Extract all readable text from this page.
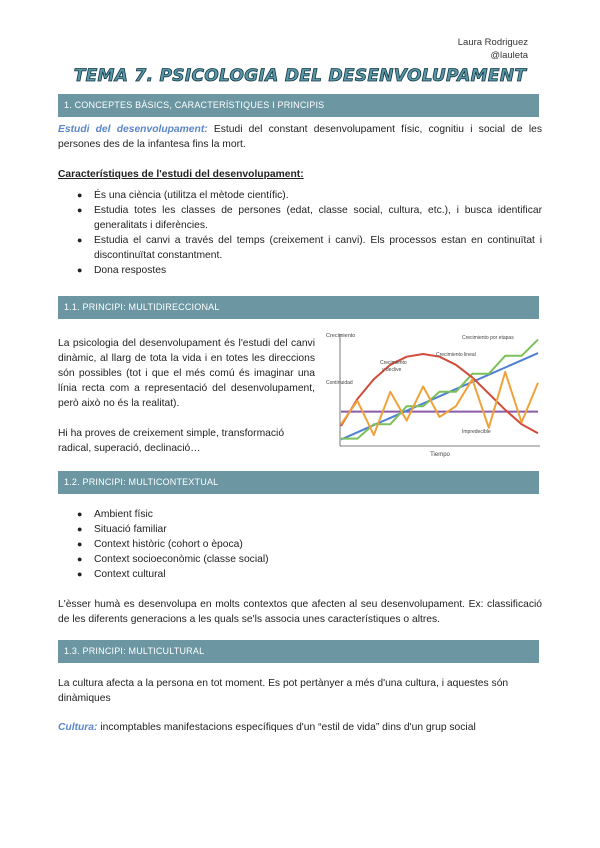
Laura Rodriguez
@lauleta
TEMA 7. PSICOLOGIA DEL DESENVOLUPAMENT
1. CONCEPTES BÀSICS, CARACTERÍSTIQUES I PRINCIPIS
Estudi del desenvolupament: Estudi del constant desenvolupament físic, cognitiu i social de les persones des de la infantesa fins la mort.
Característiques de l'estudi del desenvolupament:
● És una ciència (utilitza el mètode científic).
● Estudia totes les classes de persones (edat, classe social, cultura, etc.), i busca identificar generalitats i diferències.
● Estudia el canvi a través del temps (creixement i canvi). Els processos estan en continuïtat i discontinuïtat constantment.
● Dona respostes
1.1. PRINCIPI: MULTIDIRECCIONAL
La psicologia del desenvolupament és l'estudi del canvi dinàmic, al llarg de tota la vida i en totes les direccions són possibles (tot i que el més comú és imaginar una línia recta com a representació del desenvolupament, però això no és la realitat).
Hi ha proves de creixement simple, transformació radical, superació, declinació…
Crecimiento
Tiempo
Continuidad
Crecimiento
y declive
Crecimiento lineal
Crecimiento por etapas
Impredecible
1.2. PRINCIPI: MULTICONTEXTUAL
● Ambient físic
● Situació familiar
● Context històric (cohort o època)
● Context socioeconòmic (classe social)
● Context cultural
L'èsser humà es desenvolupa en molts contextos que afecten al seu desenvolupament. Ex: classificació de les diferents generacions a les quals se'ls associa unes característiques o altres.
1.3. PRINCIPI: MULTICULTURAL
La cultura afecta a la persona en tot moment. Es pot pertànyer a més d'una cultura, i aquestes són dinàmiques
Cultura: incomptables manifestacions específiques d'un “estil de vida” dins d'un grup social
